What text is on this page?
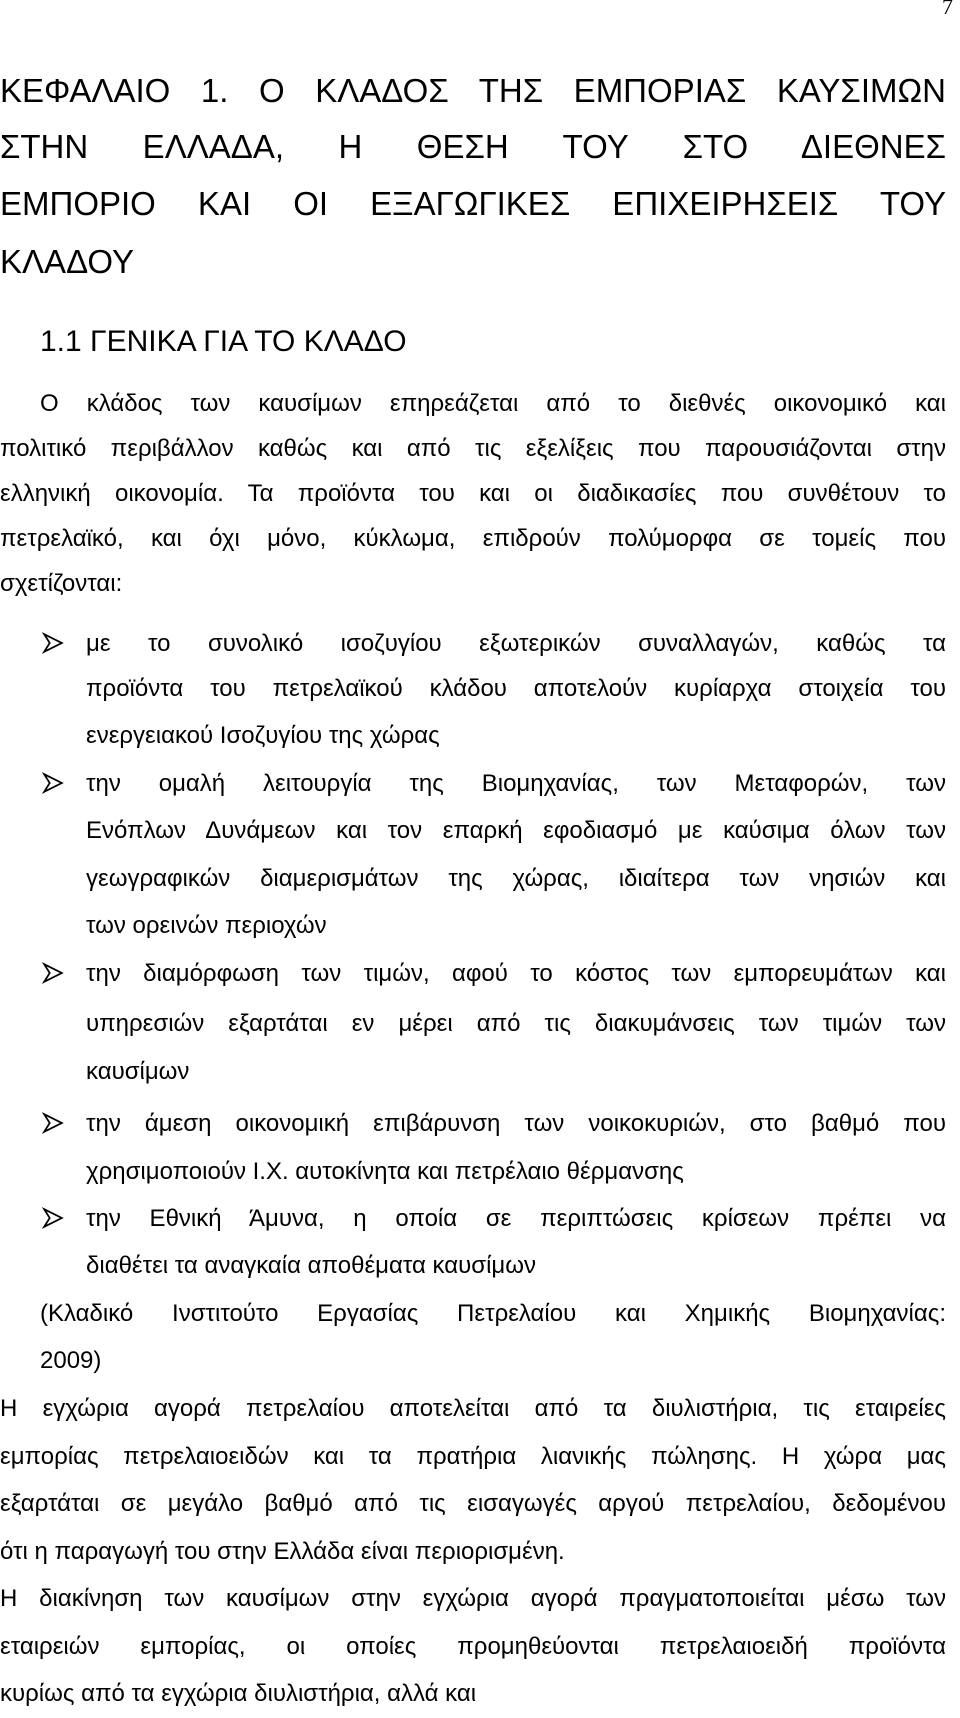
7
ΚΕΦΑΛΑΙΟ 1. Ο ΚΛΑΔΟΣ ΤΗΣ ΕΜΠΟΡΙΑΣ ΚΑΥΣΙΜΩΝ
ΣΤΗΝ ΕΛΛΑΔΑ, Η ΘΕΣΗ ΤΟΥ ΣΤΟ ΔΙΕΘΝΕΣ
ΕΜΠΟΡΙΟ ΚΑΙ ΟΙ ΕΞΑΓΩΓΙΚΕΣ ΕΠΙΧΕΙΡΗΣΕΙΣ ΤΟΥ
ΚΛΑΔΟΥ
1.1 ΓΕΝΙΚΑ ΓΙΑ ΤΟ ΚΛΑΔΟ
Ο κλάδος των καυσίμων επηρεάζεται από το διεθνές οικονομικό και
πολιτικό περιβάλλον καθώς και από τις εξελίξεις που παρουσιάζονται στην
ελληνική οικονομία. Τα προϊόντα του και οι διαδικασίες που συνθέτουν το
πετρελαϊκό, και όχι μόνο, κύκλωμα, επιδρούν πολύμορφα σε τομείς που
σχετίζονται:
με το συνολικό ισοζυγίου εξωτερικών συναλλαγών, καθώς τα
προϊόντα του πετρελαϊκού κλάδου αποτελούν κυρίαρχα στοιχεία του
ενεργειακού Ισοζυγίου της χώρας
την ομαλή λειτουργία της Βιομηχανίας, των Μεταφορών, των
Ενόπλων Δυνάμεων και τον επαρκή εφοδιασμό με καύσιμα όλων των
γεωγραφικών διαμερισμάτων της χώρας, ιδιαίτερα των νησιών και
των ορεινών περιοχών
την διαμόρφωση των τιμών, αφού το κόστος των εμπορευμάτων και
υπηρεσιών εξαρτάται εν μέρει από τις διακυμάνσεις των τιμών των
καυσίμων
την άμεση οικονομική επιβάρυνση των νοικοκυριών, στο βαθμό που
χρησιμοποιούν Ι.Χ. αυτοκίνητα και πετρέλαιο θέρμανσης
την Εθνική Άμυνα, η οποία σε περιπτώσεις κρίσεων πρέπει να
διαθέτει τα αναγκαία αποθέματα καυσίμων
(Κλαδικό Ινστιτούτο Εργασίας Πετρελαίου και Χημικής Βιομηχανίας:
2009)
Η εγχώρια αγορά πετρελαίου αποτελείται από τα διυλιστήρια, τις εταιρείες
εμπορίας πετρελαιοειδών και τα πρατήρια λιανικής πώλησης. Η χώρα μας
εξαρτάται σε μεγάλο βαθμό από τις εισαγωγές αργού πετρελαίου, δεδομένου
ότι η παραγωγή του στην Ελλάδα είναι περιορισμένη.
Η διακίνηση των καυσίμων στην εγχώρια αγορά πραγματοποιείται μέσω των
εταιρειών εμπορίας, οι οποίες προμηθεύονται πετρελαιοειδή προϊόντα
κυρίως από τα εγχώρια διυλιστήρια, αλλά και
